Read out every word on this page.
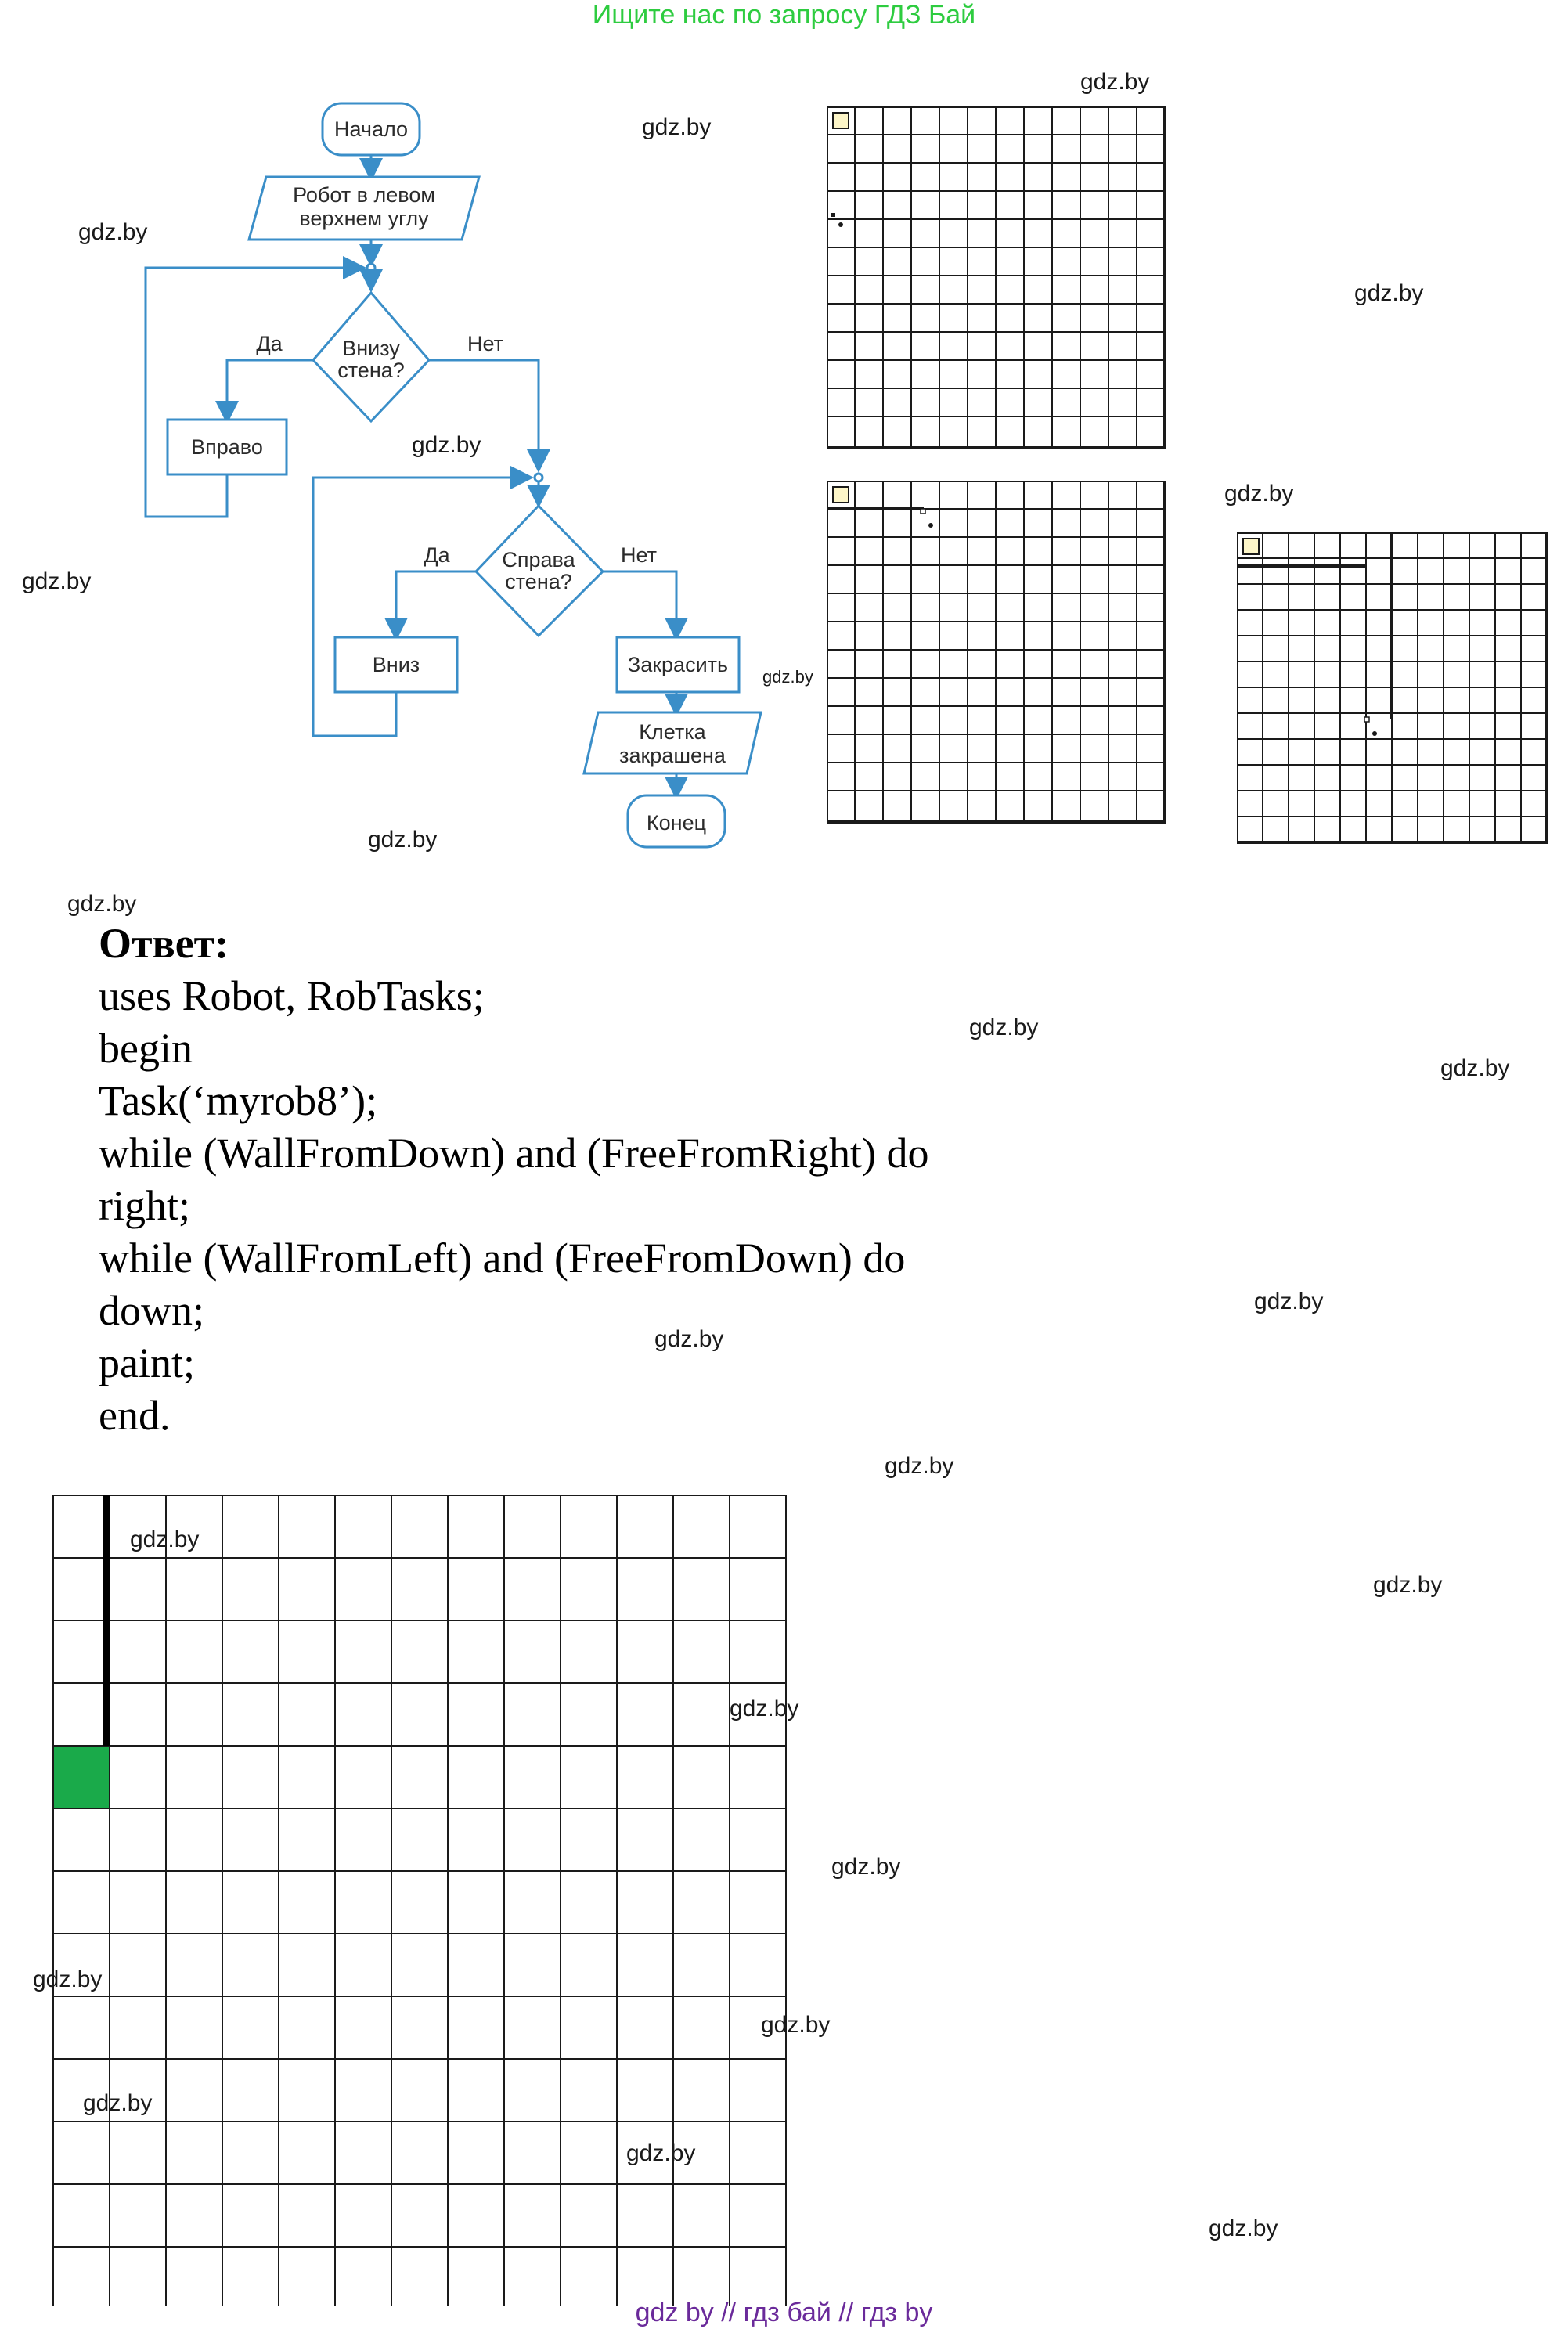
Ищите нас по запросу ГДЗ Бай
Начало
Робот в левом
верхнем углу
Внизу
стена?
Да	Нет
Вправо
Справа
стена?
Да	Нет
Вниз	Закрасить
Клетка
закрашена
Конец
Ответ:
uses Robot, RobTasks;
begin
Task(‘myrob8’);
while (WallFromDown) and (FreeFromRight) do
right;
while (WallFromLeft) and (FreeFromDown) do
down;
paint;
end.
gdz.by
gdz.by
gdz.by
gdz.by
gdz.by
gdz.by
gdz.by
gdz.by
gdz.by
gdz.by
gdz.by
gdz.by
gdz.by
gdz.by
gdz.by
gdz.by
gdz.by
gdz.by
gdz.by
gdz.by
gdz.by
gdz.by
gdz.by
gdz.by
gdz by // гдз бай // гдз by
